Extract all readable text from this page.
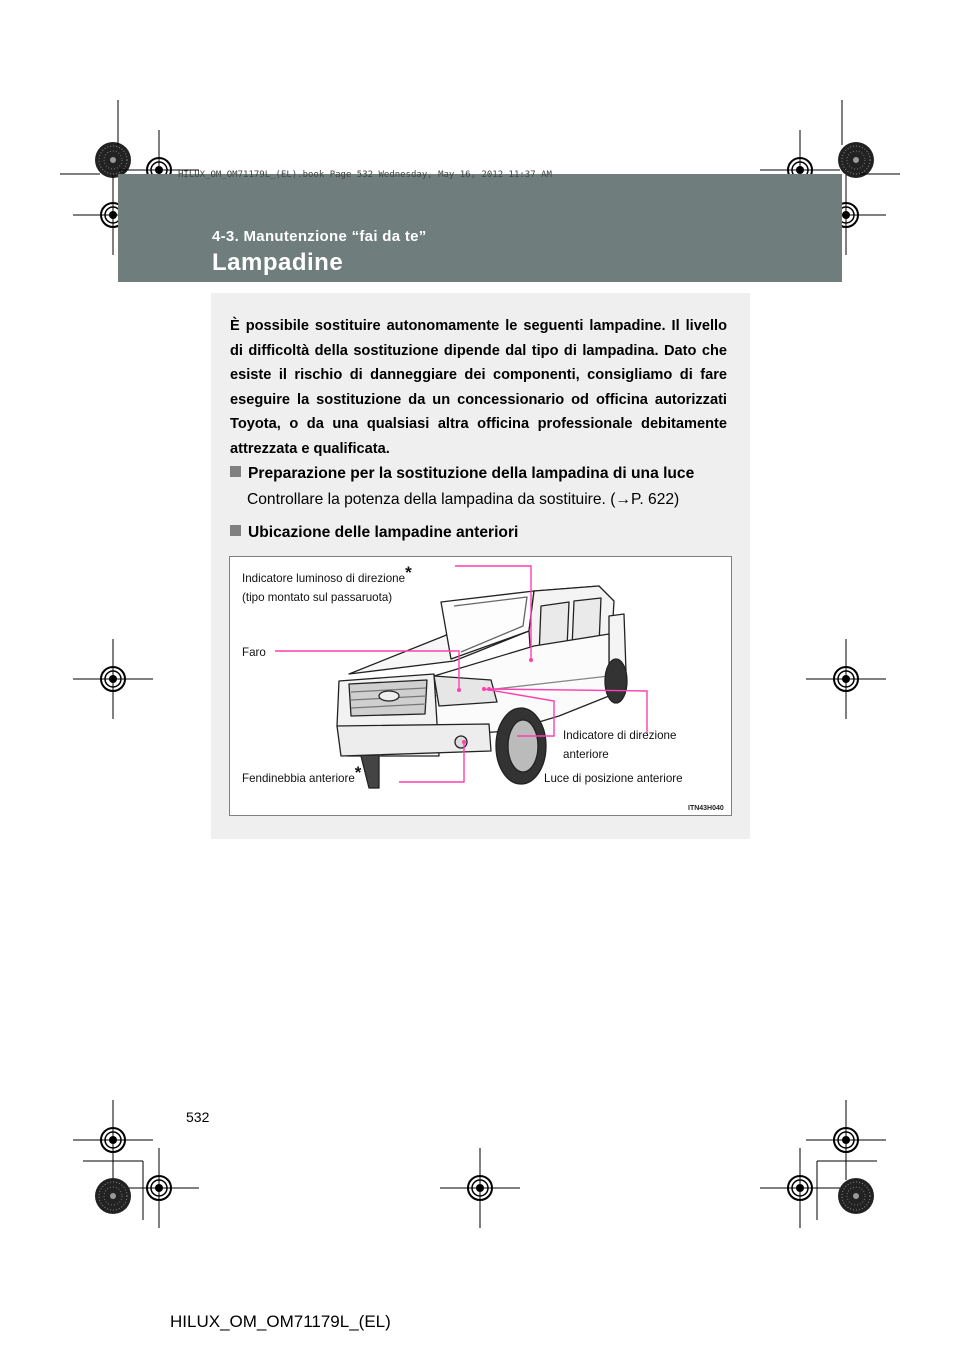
HILUX_OM_OM71179L_(EL).book Page 532 Wednesday, May 16, 2012 11:37 AM
4-3. Manutenzione “fai da te”
Lampadine
È possibile sostituire autonomamente le seguenti lampadine. Il livello di difficoltà della sostituzione dipende dal tipo di lampadina. Dato che esiste il rischio di danneggiare dei componenti, consigliamo di fare eseguire la sostituzione da un concessionario od officina autorizzati Toyota, o da una qualsiasi altra officina professionale debitamente attrezzata e qualificata.
Preparazione per la sostituzione della lampadina di una luce
Controllare la potenza della lampadina da sostituire. (→P. 622)
Ubicazione delle lampadine anteriori
Indicatore luminoso di direzione*
(tipo montato sul passaruota)
Faro
Indicatore di direzione
anteriore
Fendinebbia anteriore*	Luce di posizione anteriore
ITN43H040
532
HILUX_OM_OM71179L_(EL)
